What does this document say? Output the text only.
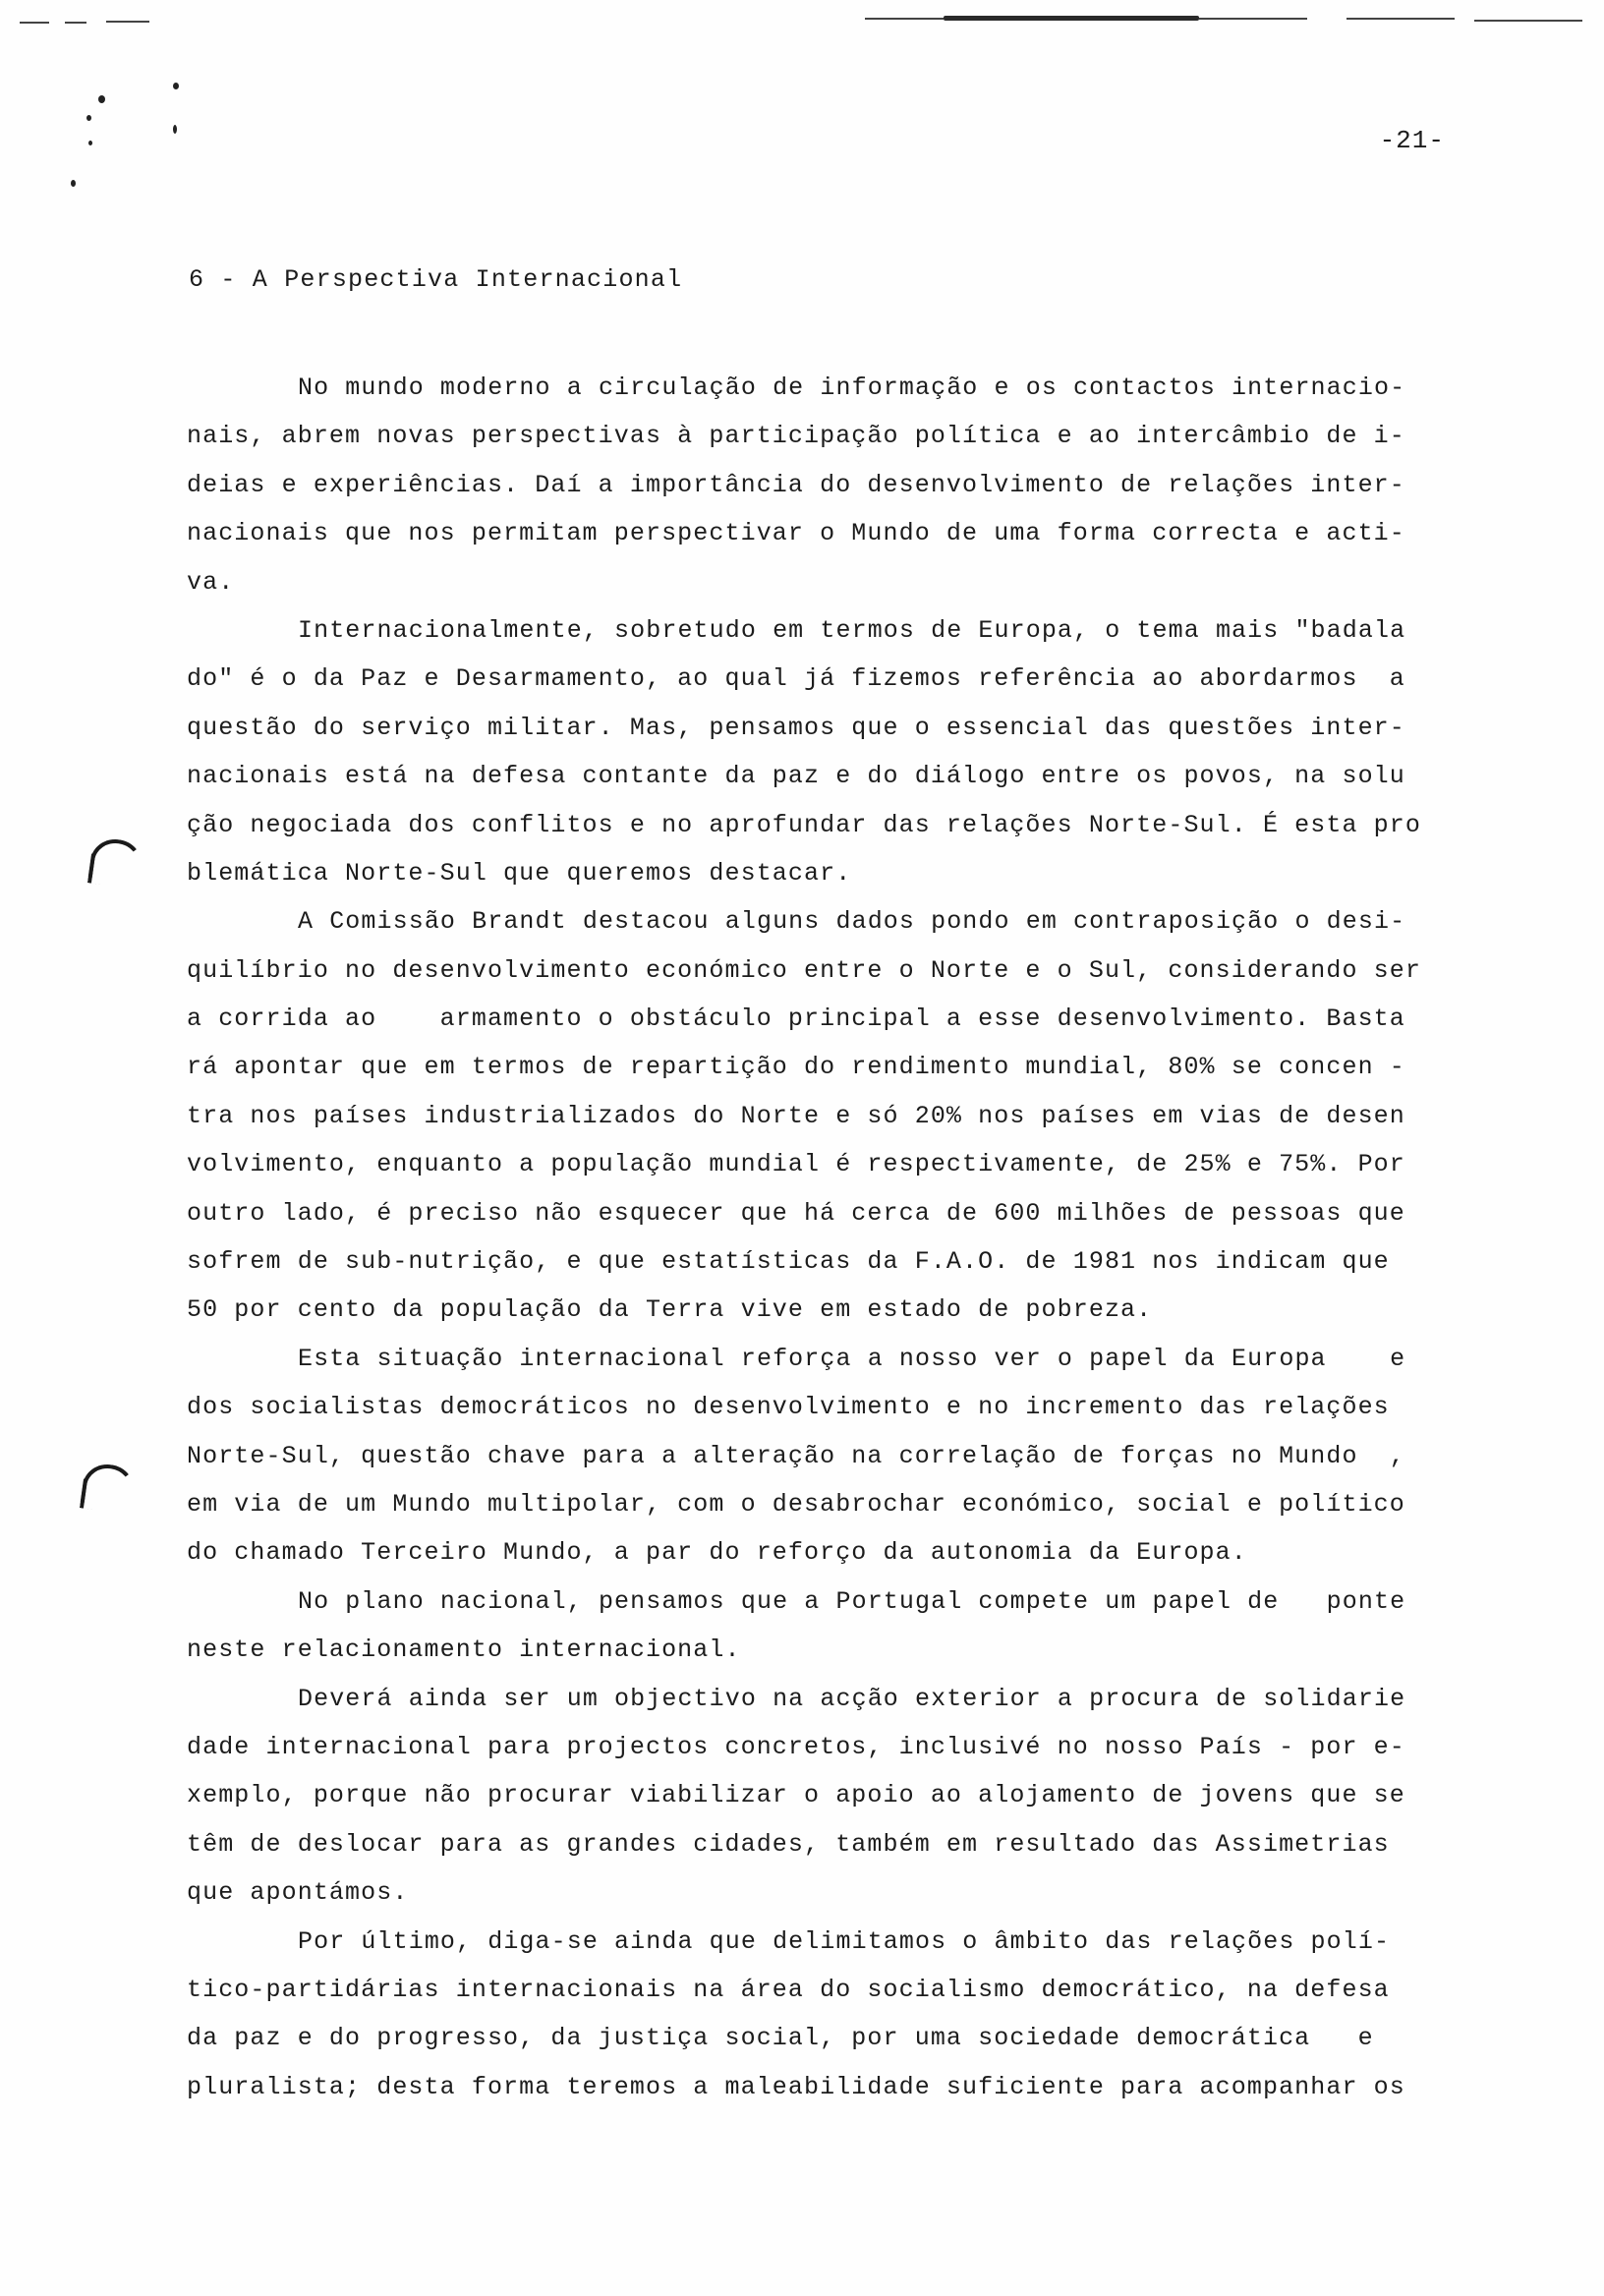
-21-
6 - A Perspectiva Internacional
No mundo moderno a circulação de informação e os contactos internacio-
nais, abrem novas perspectivas à participação política e ao intercâmbio de i-
deias e experiências. Daí a importância do desenvolvimento de relações inter-
nacionais que nos permitam perspectivar o Mundo de uma forma correcta e acti-
va.
Internacionalmente, sobretudo em termos de Europa, o tema mais "badala
do" é o da Paz e Desarmamento, ao qual já fizemos referência ao abordarmos  a
questão do serviço militar. Mas, pensamos que o essencial das questões inter-
nacionais está na defesa contante da paz e do diálogo entre os povos, na solu
ção negociada dos conflitos e no aprofundar das relações Norte-Sul. É esta pro
blemática Norte-Sul que queremos destacar.
A Comissão Brandt destacou alguns dados pondo em contraposição o desi-
quilíbrio no desenvolvimento económico entre o Norte e o Sul, considerando ser
a corrida ao    armamento o obstáculo principal a esse desenvolvimento. Basta
rá apontar que em termos de repartição do rendimento mundial, 80% se concen -
tra nos países industrializados do Norte e só 20% nos países em vias de desen
volvimento, enquanto a população mundial é respectivamente, de 25% e 75%. Por
outro lado, é preciso não esquecer que há cerca de 600 milhões de pessoas que
sofrem de sub-nutrição, e que estatísticas da F.A.O. de 1981 nos indicam que
50 por cento da população da Terra vive em estado de pobreza.
Esta situação internacional reforça a nosso ver o papel da Europa    e
dos socialistas democráticos no desenvolvimento e no incremento das relações
Norte-Sul, questão chave para a alteração na correlação de forças no Mundo  ,
em via de um Mundo multipolar, com o desabrochar económico, social e político
do chamado Terceiro Mundo, a par do reforço da autonomia da Europa.
No plano nacional, pensamos que a Portugal compete um papel de   ponte
neste relacionamento internacional.
Deverá ainda ser um objectivo na acção exterior a procura de solidarie
dade internacional para projectos concretos, inclusivé no nosso País - por e-
xemplo, porque não procurar viabilizar o apoio ao alojamento de jovens que se
têm de deslocar para as grandes cidades, também em resultado das Assimetrias
que apontámos.
Por último, diga-se ainda que delimitamos o âmbito das relações polí-
tico-partidárias internacionais na área do socialismo democrático, na defesa
da paz e do progresso, da justiça social, por uma sociedade democrática   e
pluralista; desta forma teremos a maleabilidade suficiente para acompanhar os
